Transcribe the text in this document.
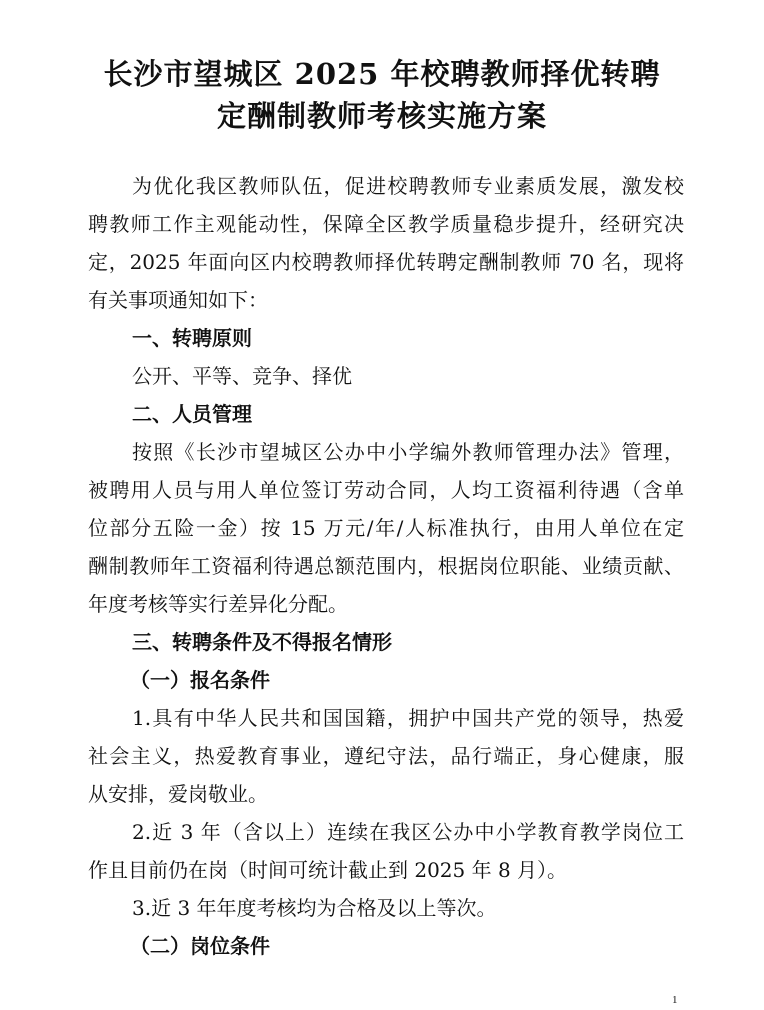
长沙市望城区 2025 年校聘教师择优转聘
定酬制教师考核实施方案
为优化我区教师队伍，促进校聘教师专业素质发展，激发校
聘教师工作主观能动性，保障全区教学质量稳步提升，经研究决
定，2025 年面向区内校聘教师择优转聘定酬制教师 70 名，现将
有关事项通知如下：
一、转聘原则
公开、平等、竞争、择优
二、人员管理
按照《长沙市望城区公办中小学编外教师管理办法》管理，
被聘用人员与用人单位签订劳动合同，人均工资福利待遇（含单
位部分五险一金）按 15 万元/年/人标准执行，由用人单位在定
酬制教师年工资福利待遇总额范围内，根据岗位职能、业绩贡献、
年度考核等实行差异化分配。
三、转聘条件及不得报名情形
（一）报名条件
1.具有中华人民共和国国籍，拥护中国共产党的领导，热爱
社会主义，热爱教育事业，遵纪守法，品行端正，身心健康，服
从安排，爱岗敬业。
2.近 3 年（含以上）连续在我区公办中小学教育教学岗位工
作且目前仍在岗（时间可统计截止到 2025 年 8 月）。
3.近 3 年年度考核均为合格及以上等次。
（二）岗位条件
1
